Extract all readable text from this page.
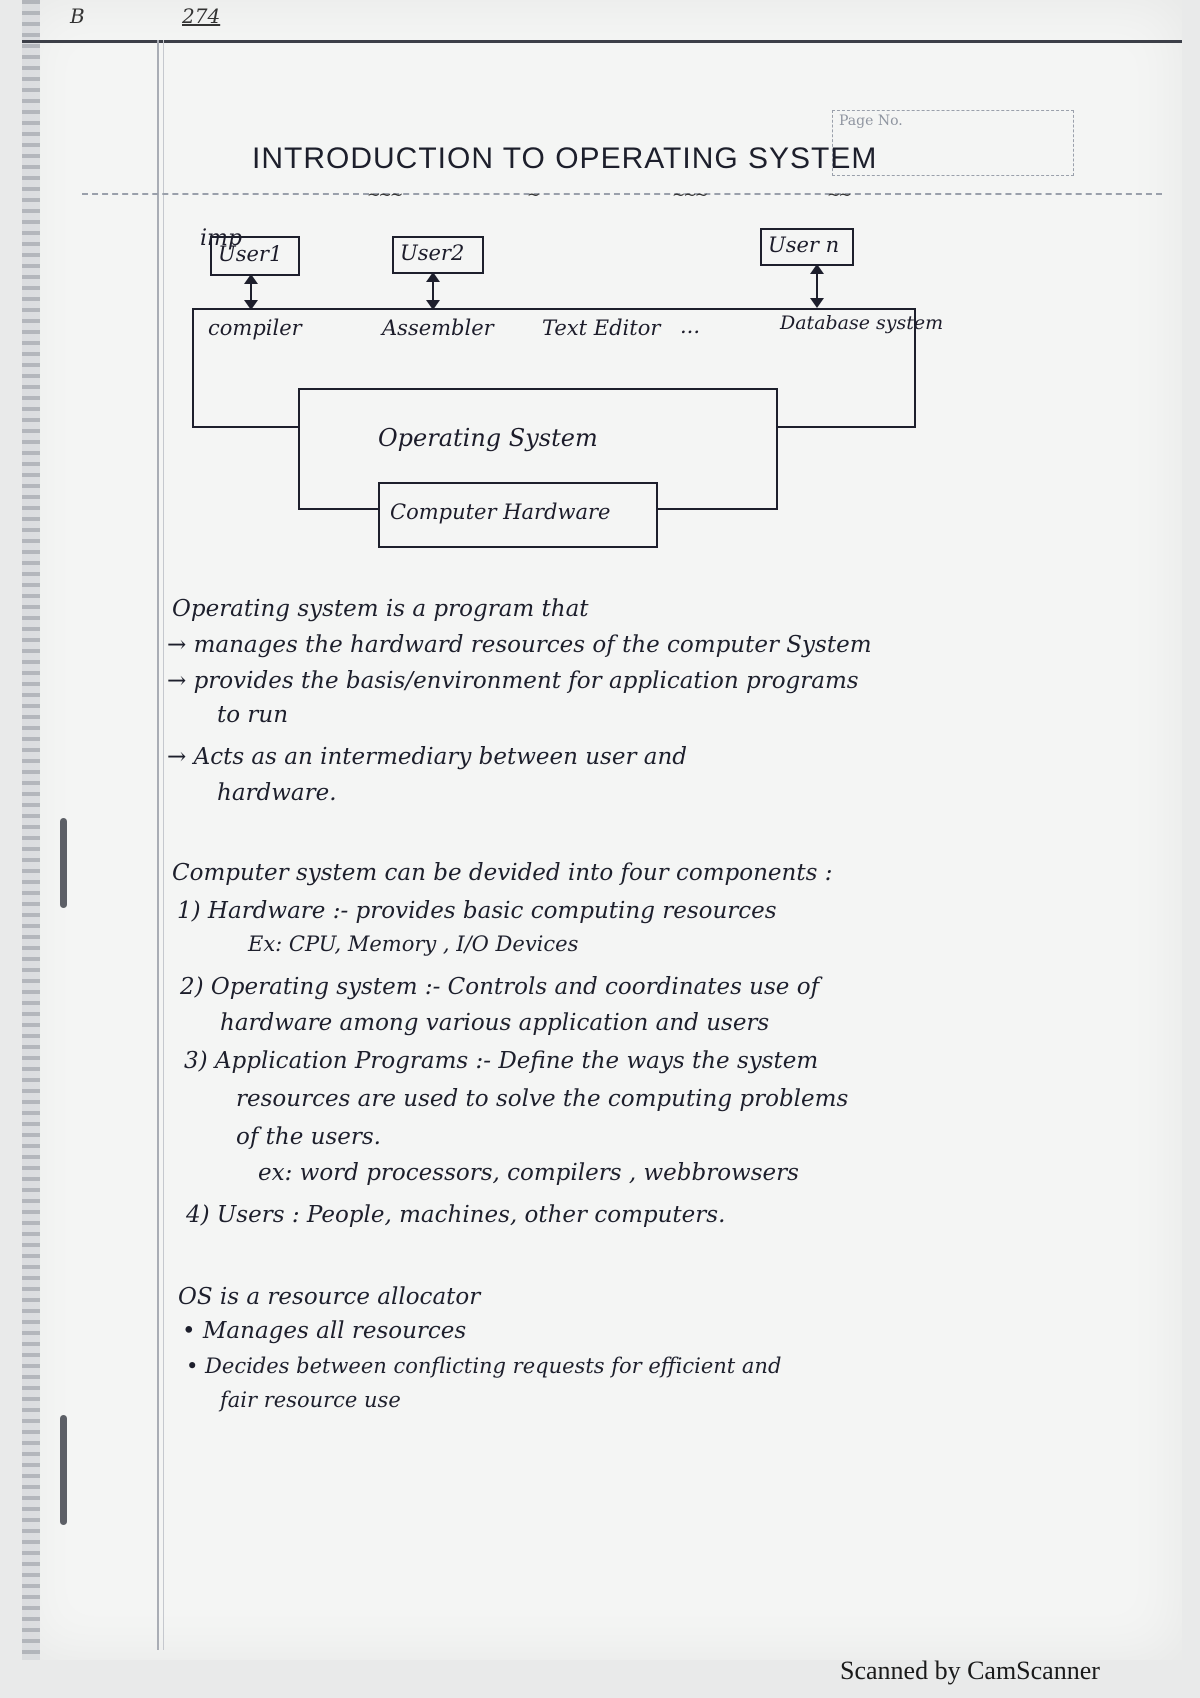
B	274
Page No.
INTRODUCTION TO OPERATING SYSTEM
~~~	~	~~~	~~
imp
User1	User2	User n
compiler	Assembler Text Editor ...	Database system
Operating System
Computer Hardware
Operating system is a program that
→ manages the hardward resources of the computer System
→ provides the basis/environment for application programs
to run
→ Acts as an intermediary between user and
hardware.
Computer system can be devided into four components :
1) Hardware :- provides basic computing resources
Ex: CPU, Memory , I/O Devices
2) Operating system :- Controls and coordinates use of
hardware among various application and users
3) Application Programs :- Define the ways the system
resources are used to solve the computing problems
of the users.
ex: word processors, compilers , webbrowsers
4) Users : People, machines, other computers.
OS is a resource allocator
• Manages all resources
• Decides between conflicting requests for efficient and
fair resource use
Scanned by CamScanner
